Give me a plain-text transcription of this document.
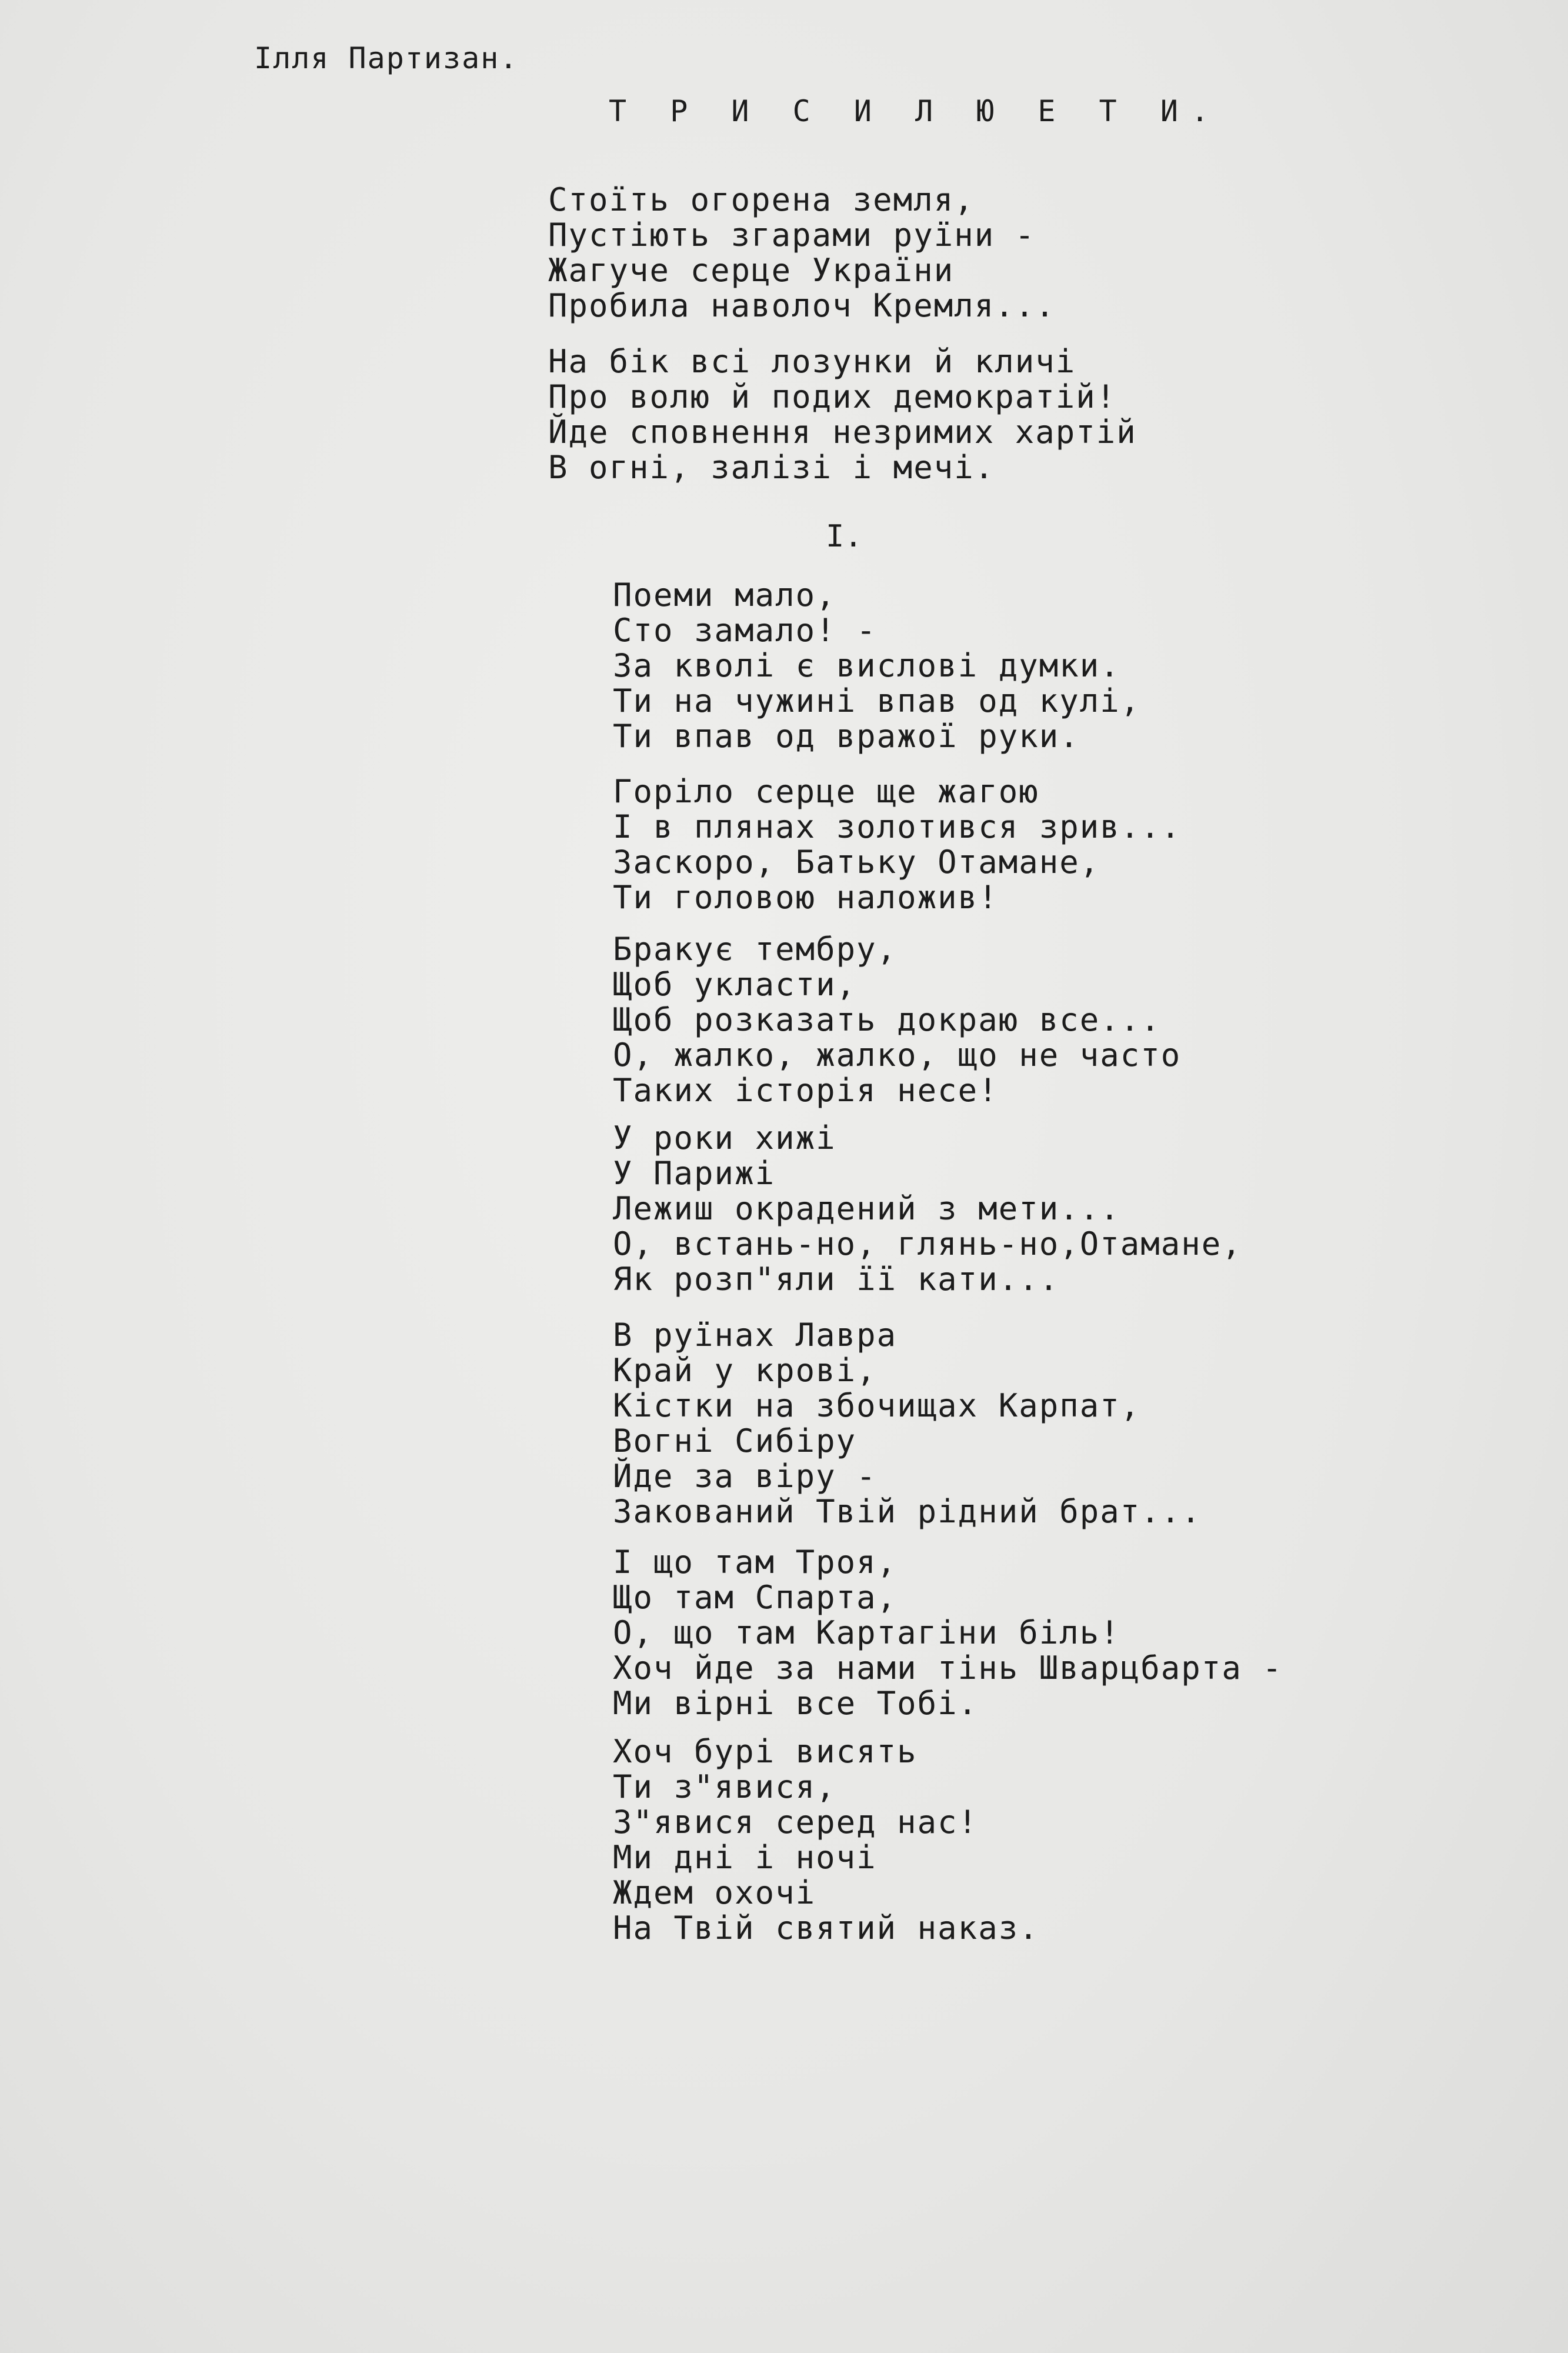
Ілля Партизан.
Т Р И С И Л Ю Е Т И.
Стоїть огорена земля,
Пустіють згарами руїни -
Жагуче серце України
Пробила наволоч Кремля...
На бік всі лозунки й кличі
Про волю й подих демократій!
Йде сповнення незримих хартій
В огні, залізі і мечі.
I.
Поеми мало,
Сто замало! -
За кволі є вислові думки.
Ти на чужині впав од кулі,
Ти впав од вражої руки.
Горіло серце ще жагою
І в плянах золотився зрив...
Заскоро, Батьку Отамане,
Ти головою наложив!
Бракує тембру,
Щоб укласти,
Щоб розказать докраю все...
О, жалко, жалко, що не часто
Таких історія несе!
У роки хижі
У Парижі
Лежиш окрадений з мети...
О, встань-но, глянь-но,Отамане,
Як розп"яли її кати...
В руїнах Лавра
Край у крові,
Кістки на збочищах Карпат,
Вогні Сибіру
Йде за віру -
Закований Твій рідний брат...
І що там Троя,
Що там Спарта,
О, що там Картагіни біль!
Хоч йде за нами тінь Шварцбарта -
Ми вірні все Тобі.
Хоч бурі висять
Ти з"явися,
З"явися серед нас!
Ми дні і ночі
Ждем охочі
На Твій святий наказ.
